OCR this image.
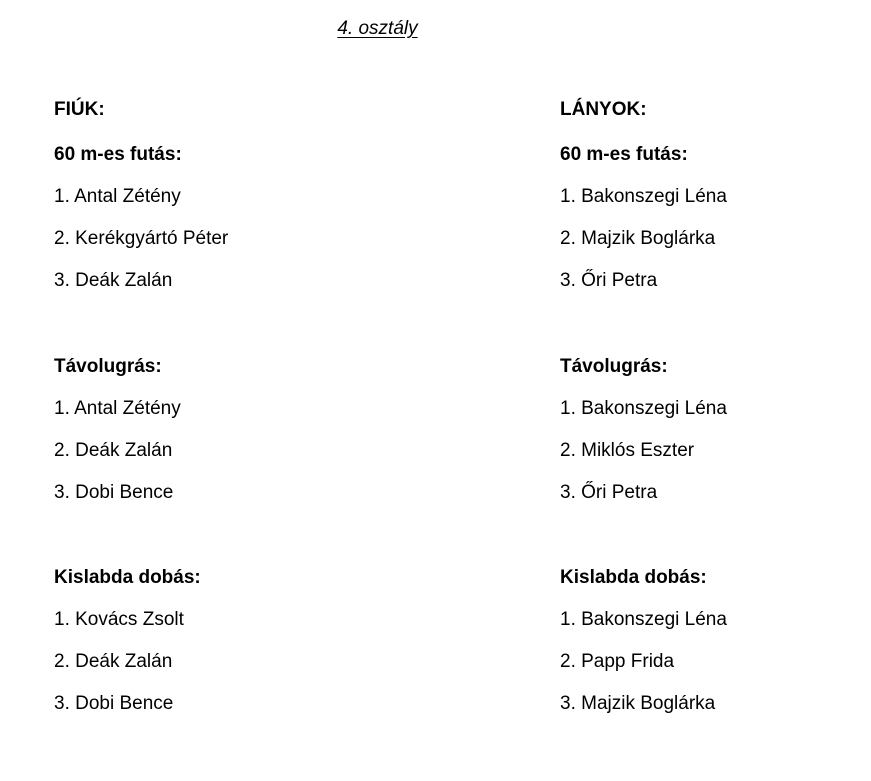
4. osztály
FIÚK:
60 m-es futás:
1. Antal Zétény
2. Kerékgyártó Péter
3. Deák Zalán
Távolugrás:
1. Antal Zétény
2. Deák Zalán
3. Dobi Bence
Kislabda dobás:
1. Kovács Zsolt
2. Deák Zalán
3. Dobi Bence
LÁNYOK:
60 m-es futás:
1. Bakonszegi Léna
2. Majzik Boglárka
3. Őri Petra
Távolugrás:
1. Bakonszegi Léna
2. Miklós Eszter
3. Őri Petra
Kislabda dobás:
1. Bakonszegi Léna
2. Papp Frida
3. Majzik Boglárka
